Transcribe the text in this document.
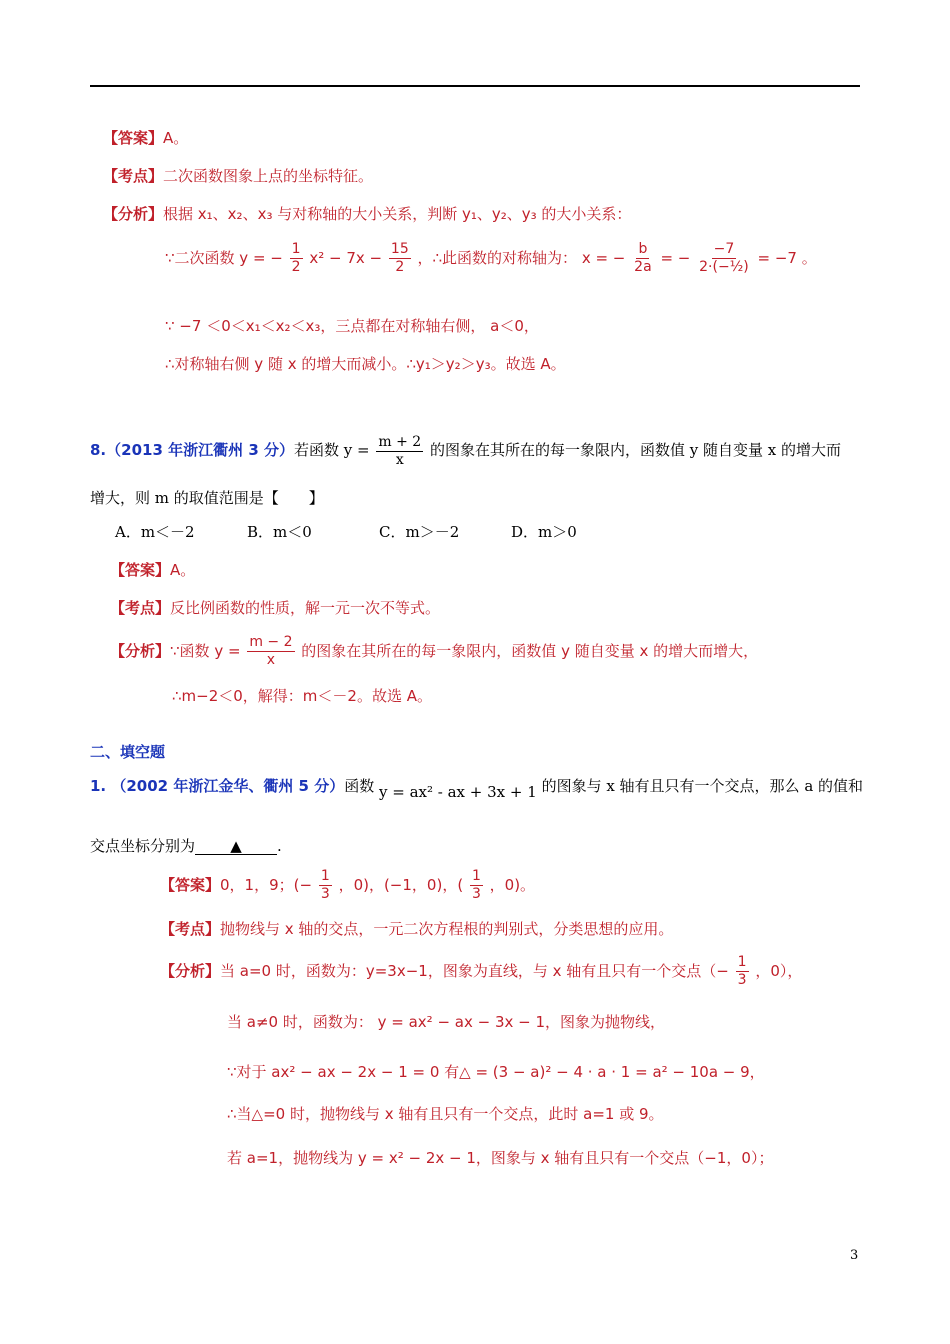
【答案】A。
【考点】二次函数图象上点的坐标特征。
【分析】根据 x₁、x₂、x₃ 与对称轴的大小关系，判断 y₁、y₂、y₃ 的大小关系：
∵二次函数 y = − $\frac{1}{2} x^2 - 7x - \frac{15}{2}$ ，∴此函数的对称轴为： x = − $\frac{b}{2a}$ = − $\frac{-7}{\text{2·(−½)}} = -7$ 。
∵ −7 ＜0＜x₁＜x₂＜x₃，三点都在对称轴右侧， a＜0，
∴对称轴右侧 y 随 x 的增大而减小。∴y₁＞y₂＞y₃。故选 A。
8.（2013 年浙江衢州 3 分）若函数 $y = \frac{m + 2}{x}$ 的图象在其所在的每一象限内，函数值 y 随自变量 x 的增大而
增大，则 m 的取值范围是【　　】
A．m＜－2	B．m＜0	C．m＞－2	D．m＞0
【答案】A。
【考点】反比例函数的性质，解一元一次不等式。
【分析】∵函数 $y = \frac{m - 2}{x}$ 的图象在其所在的每一象限内，函数值 y 随自变量 x 的增大而增大，
∴m−2＜0，解得：m＜－2。故选 A。
二、填空题
1. （2002 年浙江金华、衢州 5 分）函数 y = ax² - ax + 3x + 1 的图象与 x 轴有且只有一个交点，那么 a 的值和
交点坐标分别为 ▲ .
【答案】0，1，9；(− $\frac{1}{3}$ ，0)，(−1，0)，( $\frac{1}{3}$ ，0)。
【考点】抛物线与 x 轴的交点，一元二次方程根的判别式，分类思想的应用。
【分析】当 a=0 时，函数为：y=3x−1，图象为直线，与 x 轴有且只有一个交点（− $\frac{1}{3}$ ，0），
当 a≠0 时，函数为： y = ax² − ax − 3x − 1，图象为抛物线，
∵对于 ax² − ax − 2x − 1 = 0 有△ = (3 − a)² − 4 · a · 1 = a² − 10a − 9，
∴当△=0 时，抛物线与 x 轴有且只有一个交点，此时 a=1 或 9。
若 a=1，抛物线为 y = x² − 2x − 1，图象与 x 轴有且只有一个交点（−1，0）；
3
